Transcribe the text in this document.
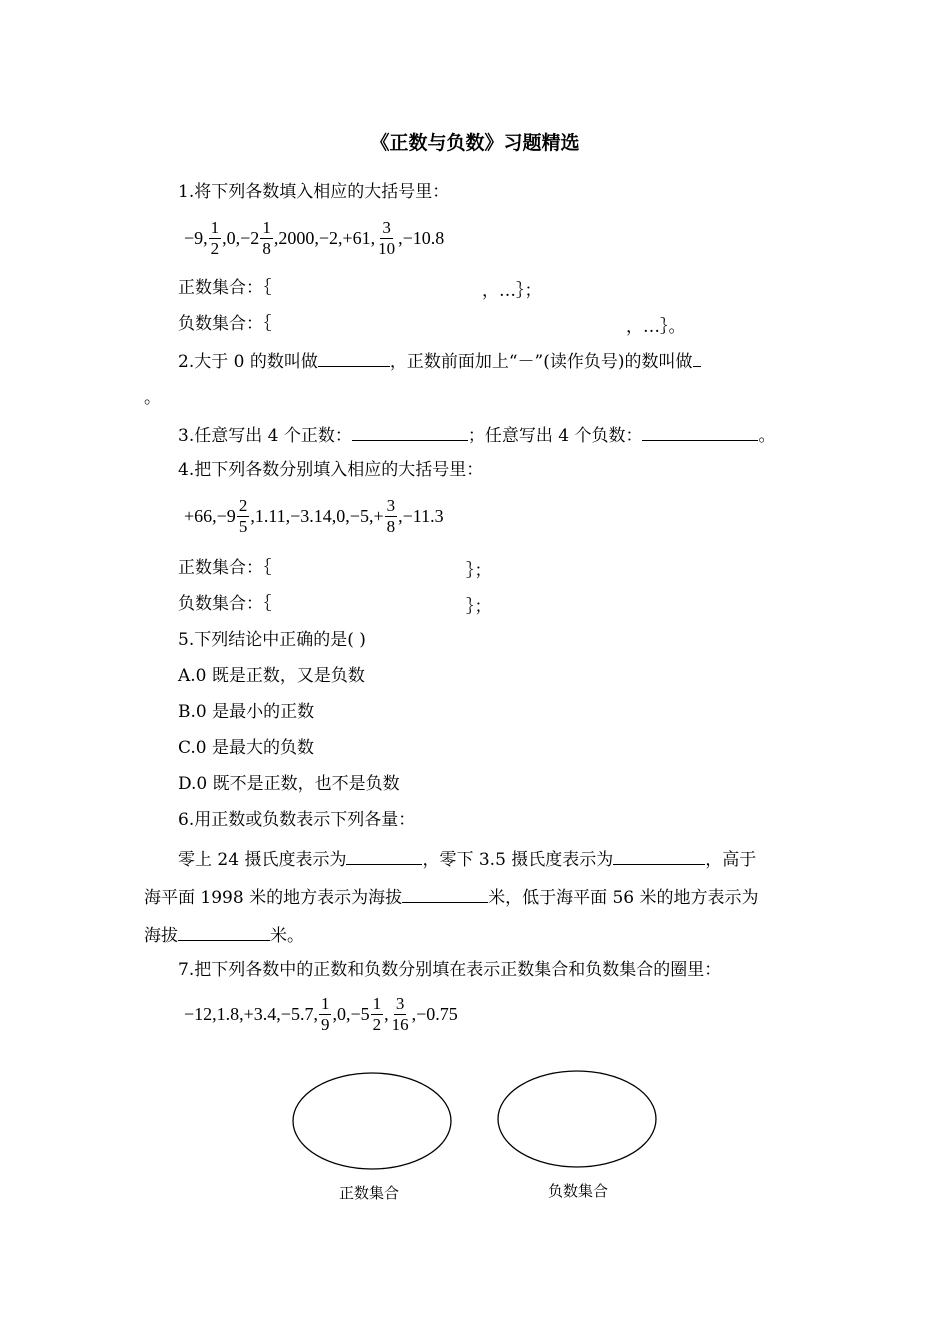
《正数与负数》习题精选
1.将下列各数填入相应的大括号里：
−9, $\frac{1}{2} ,0,-2 \frac{1}{8} ,2000,-2,+61$, $\frac{3}{10} ,-10.8$
正数集合：｛	，…｝；
负数集合：｛	，…｝。
2.大于 0 的数叫做	，正数前面加上“－”(读作负号)的数叫做
。
3.任意写出 4 个正数：	；任意写出 4 个负数：	。
4.把下列各数分别填入相应的大括号里：
$+66,-9 \frac{2}{5} ,1.11,-3.14,0,-5,+ \frac{3}{8} ,-11.3$
正数集合：｛	｝；
负数集合：｛	｝；
5.下列结论中正确的是( )
A.0 既是正数，又是负数
B.0 是最小的正数
C.0 是最大的负数
D.0 既不是正数，也不是负数
6.用正数或负数表示下列各量：
零上 24 摄氏度表示为	，零下 3.5 摄氏度表示为	，高于
海平面 1998 米的地方表示为海拔	米，低于海平面 56 米的地方表示为
海拔	米。
7.把下列各数中的正数和负数分别填在表示正数集合和负数集合的圈里：
−12,1.8,+3.4,−5.7, $\frac{1}{9} ,0,-5 \frac{1}{2}$ , $\frac{3}{16} ,-0.75$
正数集合	负数集合
